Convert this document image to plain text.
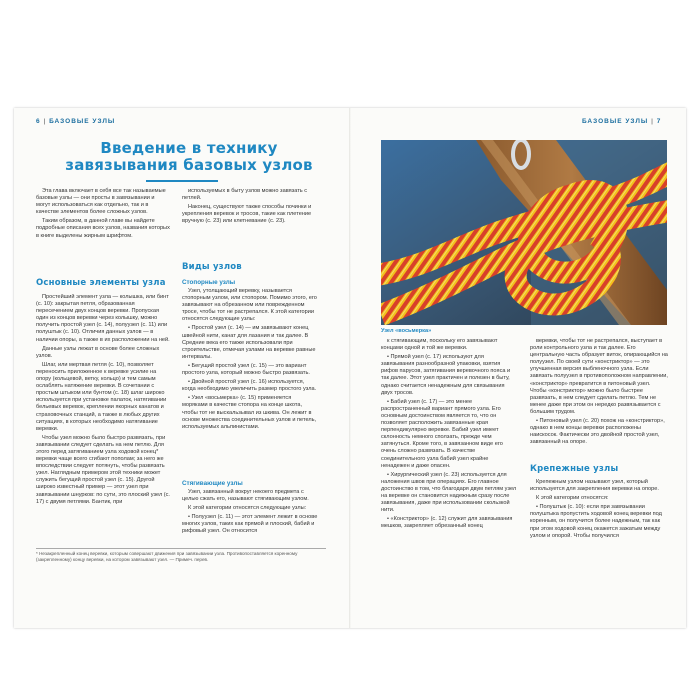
6 | БАЗОВЫЕ УЗЛЫ
Введение в технику завязывания базовых узлов

Эта глава включает в себя все так называемые базовые узлы — они просты в завязывании и могут использоваться как отдельно, так и в качестве элементов более сложных узлов.

Таким образом, в данной главе вы найдете подробные описания всех узлов, названия которых в книге выделены жирным шрифтом.

Основные элементы узла

Простейший элемент узла — колышка, или бинт (с. 10): закрытая петля, образованная пересечением двух концов веревки. Пропуская один из концов веревки через колышку, можно получить простой узел (с. 14), полуузел (с. 11) или полуштык (с. 10). Отличия данных узлов — в наличии опоры, а также в их расположении на ней.

Данные узлы лежат в основе более сложных узлов.

Шлаг, или мертвая петля (с. 10), позволяет переносить приложенное к веревке усилие на опору (кольцевой, ветку, кольцо) и тем самым ослаблять натяжение веревки. В сочетании с простым штыком или бунтом (с. 18) шлаг широко используется при установке палаток, натягивании бельевых веревок, креплении якорных канатов и страховочных станций, а также в любых других ситуациях, в которых необходимо натягивание веревки.

Чтобы узел можно было быстро развязать, при завязывании следует сделать на нем петлю. Для этого перед затягиванием узла ходовой конец* веревки чаще всего сгибают пополам; за него же впоследствии следует потянуть, чтобы развязать узел. Наглядным примером этой техники может служить бегущий простой узел (с. 15). Другой широко известный пример — этот узел при завязывании шнурков: по сути, это плоский узел (с. 17) с двумя петлями. Бантик, при

используемых в быту узлов можно завязать с петлей.

Наконец, существуют также способы починки и укрепления веревок и тросов, такие как плетение вручную (с. 23) или клетневание (с. 23).

Виды узлов
Стопорные узлы

Узел, утолщающий веревку, называется стопорным узлом, или стопором. Помимо этого, его завязывают на обрезанном или поврежденном тросе, чтобы тот не растрепался. К этой категории относятся следующие узлы:

• Простой узел (с. 14) — им завязывают конец швейной нити, канат для лазания и так далее. В Средние века его также использовали при строительстве, отмечая узлами на веревке равные интервалы.

• Бегущий простой узел (с. 15) — это вариант простого узла, который можно быстро развязать.

• Двойной простой узел (с. 16) используется, когда необходимо увеличить размер простого узла.

• Узел «восьмерка» (с. 15) применяется моряками в качестве стопора на конце шкота, чтобы тот не выскальзывал из шкива. Он лежит в основе множества соединительных узлов и петель, используемых альпинистами.

Стягивающие узлы

Узел, завязанный вокруг некоего предмета с целью сжать его, называют стягивающим узлом.

К этой категории относятся следующие узлы:

• Полуузел (с. 11) — этот элемент лежит в основе многих узлов, таких как прямой и плоский, бабий и рифовый узел. Он относится

* Незакрепленный конец веревки, которым совершают движения при завязывании узла. Противопоставляется коренному (закрепленному) концу веревки, на котором завязывают узел. — Примеч. перев.
БАЗОВЫЕ УЗЛЫ | 7
Узел «восьмерка»

к стягивающим, поскольку его завязывают концами одной и той же веревки.

• Прямой узел (с. 17) используют для завязывания разнообразной упаковки, взятия рифов парусов, затягивания веревочного пояса и так далее. Этот узел практичен и полезен в быту, однако считается ненадежным для связывания двух тросов.

• Бабий узел (с. 17) — это менее распространенный вариант прямого узла. Его основным достоинством является то, что он позволяет расположить завязанные края перпендикулярно веревке. Бабий узел имеет склонность немного сползать, прежде чем затянуться. Кроме того, в завязанном виде его очень сложно развязать. В качестве соединительного узла бабий узел крайне ненадежен и даже опасен.

• Хирургический узел (с. 23) используется для наложения швов при операциях. Его главное достоинство в том, что благодаря двум петлям узел на веревке он становится надежным сразу после завязывания, даже при использовании скользкой нити.

• «Констриктор» (с. 12) служит для завязывания мешков, закрепляет обрезанный конец

веревки, чтобы тот не растрепался, выступает в роли контрольного узла и так далее. Его центральную часть образует виток, опирающийся на полуузел. По своей сути «констриктор» — это улучшенная версия выбленочного узла. Если завязать полуузел в противоположном направлении, «констриктор» превратится в питоновый узел. Чтобы «констриктор» можно было быстрее развязать, в нем следует сделать петлю. Тем не менее даже при этом он нередко развязывается с большим трудом.

• Питоновый узел (с. 20) похож на «констриктор», однако в нем концы веревки расположены наискосок. Фактически это двойной простой узел, завязанный на опоре.

Крепежные узлы

Крепежным узлом называют узел, который используется для закрепления веревки на опоре.

К этой категории относятся:

• Полуштык (с. 10): если при завязывании полуштыка пропустить ходовой конец веревки под коренным, он получится более надежным, так как при этом ходовой конец окажется зажатым между узлом и опорой. Чтобы получился
